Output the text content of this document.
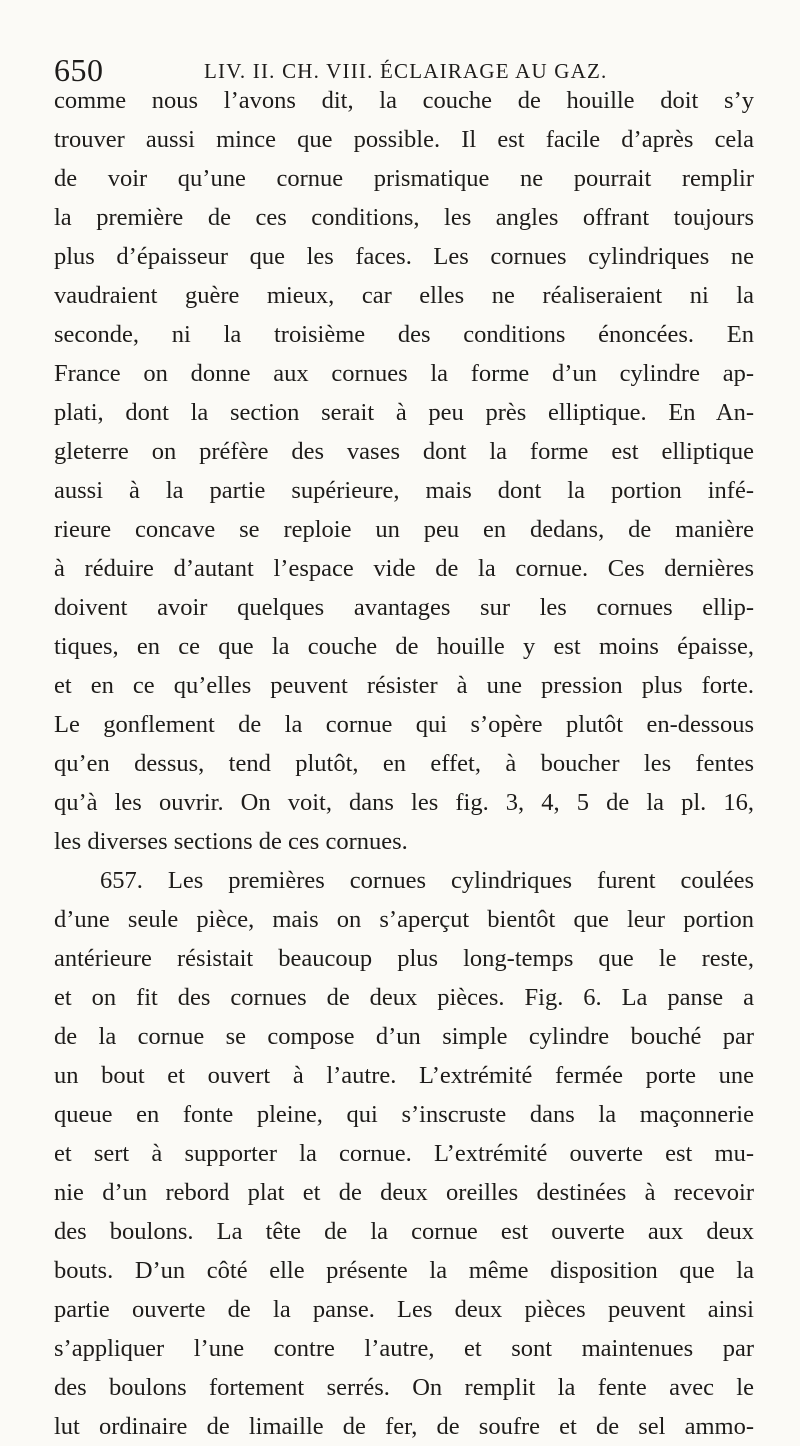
650	LIV. II. CH. VIII. ÉCLAIRAGE AU GAZ.
comme nous l’avons dit, la couche de houille doit s’y
trouver aussi mince que possible. Il est facile d’après cela
de voir qu’une cornue prismatique ne pourrait remplir
la première de ces conditions, les angles offrant toujours
plus d’épaisseur que les faces. Les cornues cylindriques ne
vaudraient guère mieux, car elles ne réaliseraient ni la
seconde, ni la troisième des conditions énoncées. En
France on donne aux cornues la forme d’un cylindre ap-
plati, dont la section serait à peu près elliptique. En An-
gleterre on préfère des vases dont la forme est elliptique
aussi à la partie supérieure, mais dont la portion infé-
rieure concave se reploie un peu en dedans, de manière
à réduire d’autant l’espace vide de la cornue. Ces dernières
doivent avoir quelques avantages sur les cornues ellip-
tiques, en ce que la couche de houille y est moins épaisse,
et en ce qu’elles peuvent résister à une pression plus forte.
Le gonflement de la cornue qui s’opère plutôt en-dessous
qu’en dessus, tend plutôt, en effet, à boucher les fentes
qu’à les ouvrir. On voit, dans les fig. 3, 4, 5 de la pl. 16,
les diverses sections de ces cornues.
657. Les premières cornues cylindriques furent coulées
d’une seule pièce, mais on s’aperçut bientôt que leur portion
antérieure résistait beaucoup plus long-temps que le reste,
et on fit des cornues de deux pièces. Fig. 6. La panse a
de la cornue se compose d’un simple cylindre bouché par
un bout et ouvert à l’autre. L’extrémité fermée porte une
queue en fonte pleine, qui s’inscruste dans la maçonnerie
et sert à supporter la cornue. L’extrémité ouverte est mu-
nie d’un rebord plat et de deux oreilles destinées à recevoir
des boulons. La tête de la cornue est ouverte aux deux
bouts. D’un côté elle présente la même disposition que la
partie ouverte de la panse. Les deux pièces peuvent ainsi
s’appliquer l’une contre l’autre, et sont maintenues par
des boulons fortement serrés. On remplit la fente avec le
lut ordinaire de limaille de fer, de soufre et de sel ammo-
